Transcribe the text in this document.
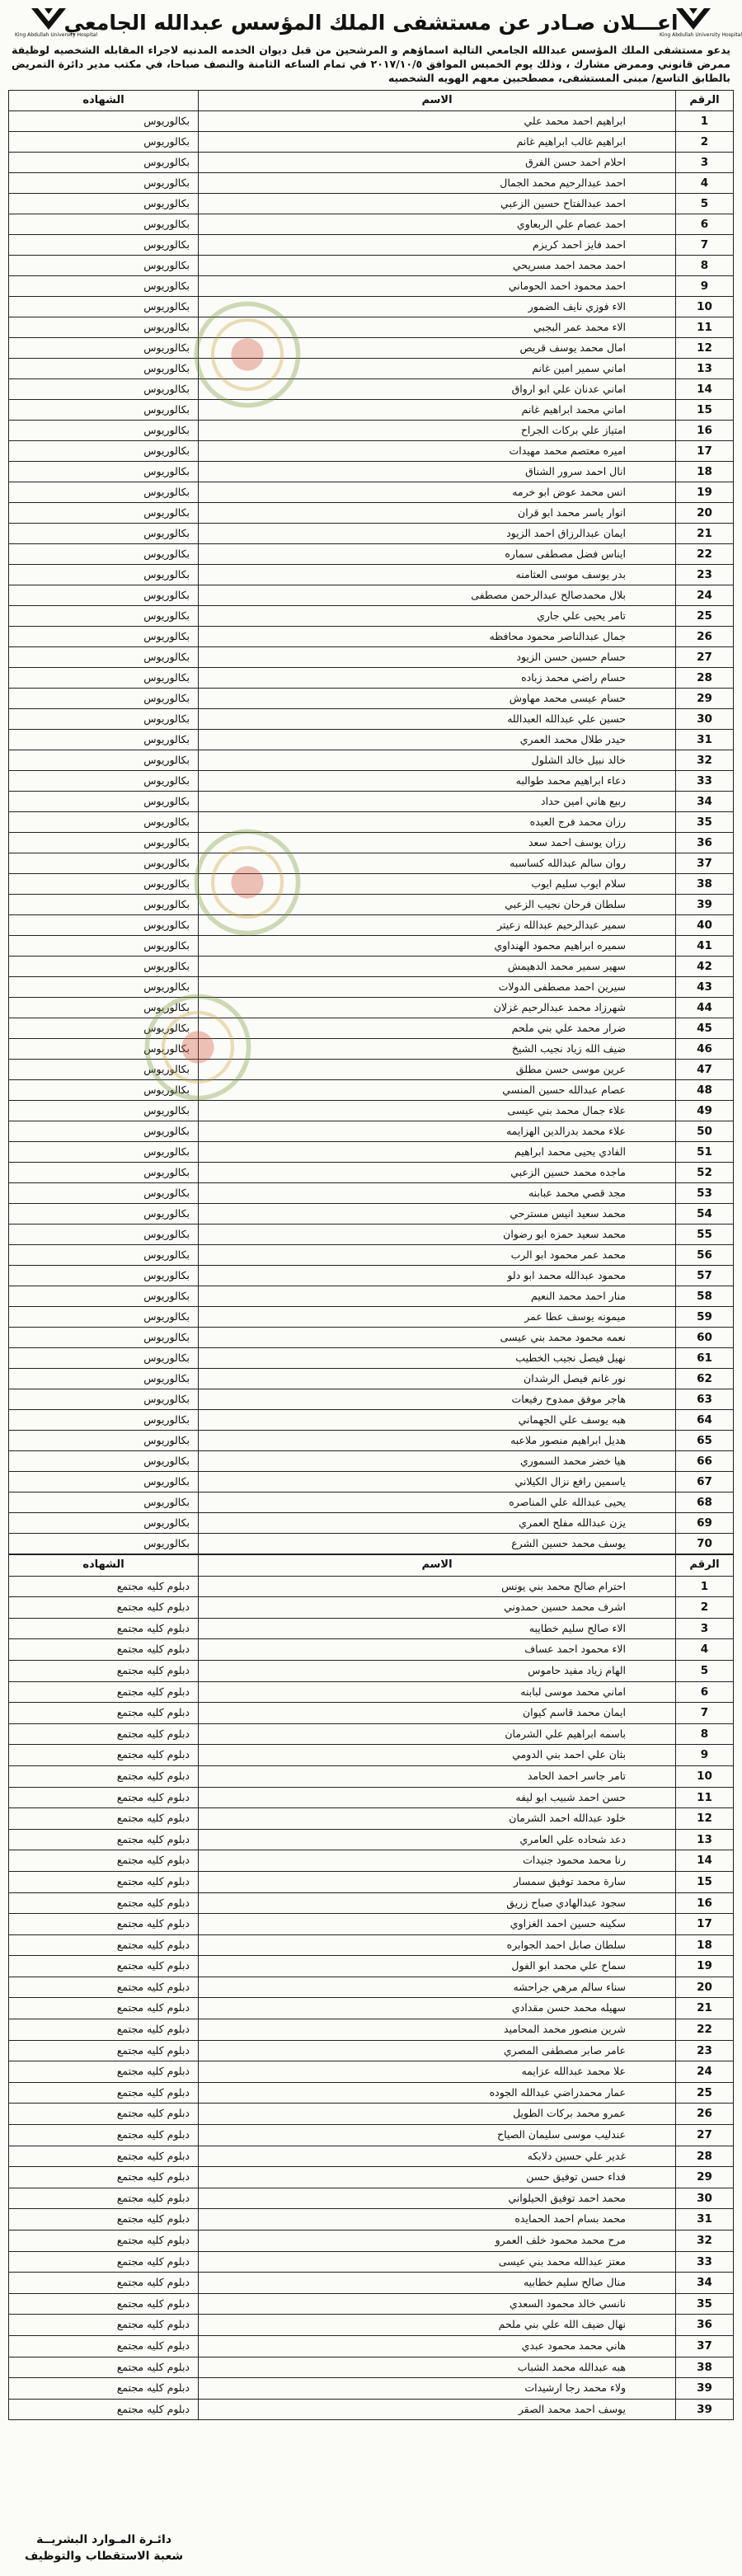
King Abdullah University Hospital
اعـــلان صـادر عن مستشفى الملك المؤسس عبدالله الجامعي
King Abdullah University Hospital
يدعو مستشفى الملك المؤسس عبدالله الجامعي التالية اسماؤهم و المرشحين من قبل ديوان الخدمه المدنيه لاجراء المقابله الشخصيه لوظيفة ممرض قانوني وممرض مشارك ، وذلك يوم الخميس الموافق ٢٠١٧/١٠/٥ في تمام الساعه الثامنة والنصف صباحا، في مكتب مدير دائرة التمريض بالطابق التاسع/ مبنى المستشفى، مصطحبين معهم الهويه الشخصيه
الرقم	الاسم	الشهاده
1	ابراهيم احمد محمد علي	بكالوريوس
2	ابراهيم غالب ابراهيم غانم	بكالوريوس
3	احلام احمد حسن الفرق	بكالوريوس
4	احمد عبدالرحيم محمد الجمال	بكالوريوس
5	احمد عبدالفتاح حسين الزعبي	بكالوريوس
6	احمد عصام علي الربعاوي	بكالوريوس
7	احمد فايز احمد كريزم	بكالوريوس
8	احمد محمد احمد مسريحي	بكالوريوس
9	احمد محمود احمد الحوماني	بكالوريوس
10	الاء فوزي نايف الضمور	بكالوريوس
11	الاء محمد عمر البجبي	بكالوريوس
12	امال محمد يوسف قريص	بكالوريوس
13	اماني سمير امين غانم	بكالوريوس
14	اماني عدنان علي ابو ارواق	بكالوريوس
15	اماني محمد ابراهيم غانم	بكالوريوس
16	امتياز علي بركات الجراح	بكالوريوس
17	اميره معتصم محمد مهيدات	بكالوريوس
18	انال احمد سرور الشناق	بكالوريوس
19	انس محمد عوض ابو خرمه	بكالوريوس
20	انوار ياسر محمد ابو قران	بكالوريوس
21	ايمان عبدالرزاق احمد الزيود	بكالوريوس
22	ايناس فضل مصطفى سماره	بكالوريوس
23	بدر يوسف موسى العثامنه	بكالوريوس
24	بلال محمدصالح عبدالرحمن مصطفى	بكالوريوس
25	تامر يحيى علي جاري	بكالوريوس
26	جمال عبدالناصر محمود محافظه	بكالوريوس
27	حسام حسين حسن الزيود	بكالوريوس
28	حسام راضي محمد زباده	بكالوريوس
29	حسام عيسى محمد مهاوش	بكالوريوس
30	حسين علي عبدالله العبدالله	بكالوريوس
31	حيدر طلال محمد العمري	بكالوريوس
32	خالد نبيل خالد الشلول	بكالوريوس
33	دعاء ابراهيم محمد طوالبه	بكالوريوس
34	ربيع هاني امين حداد	بكالوريوس
35	رزان محمد فرج العبده	بكالوريوس
36	رزان يوسف احمد سعد	بكالوريوس
37	روان سالم عبدالله كساسبه	بكالوريوس
38	سلام ايوب سليم ايوب	بكالوريوس
39	سلطان فرحان نجيب الزعبي	بكالوريوس
40	سمير عبدالرحيم عبدالله زعيتر	بكالوريوس
41	سميره ابراهيم محمود الهنداوي	بكالوريوس
42	سهير سمير محمد الدهيمش	بكالوريوس
43	سيرين احمد مصطفى الدولات	بكالوريوس
44	شهرزاد محمد عبدالرحيم غزلان	بكالوريوس
45	ضرار محمد علي بني ملحم	بكالوريوس
46	ضيف الله زياد نجيب الشيخ	بكالوريوس
47	عرين موسى حسن مطلق	بكالوريوس
48	عصام عبدالله حسين المنسي	بكالوريوس
49	علاء جمال محمد بني عيسى	بكالوريوس
50	علاء محمد بدرالدين الهزايمه	بكالوريوس
51	الفادي يحيى محمد ابراهيم	بكالوريوس
52	ماجده محمد حسين الزعبي	بكالوريوس
53	مجد قصي محمد عبابنه	بكالوريوس
54	محمد سعيد انيس مسترحي	بكالوريوس
55	محمد سعيد حمزه ابو رضوان	بكالوريوس
56	محمد عمر محمود ابو الرب	بكالوريوس
57	محمود عبدالله محمد ابو دلو	بكالوريوس
58	منار احمد محمد النعيم	بكالوريوس
59	ميمونه يوسف عطا عمر	بكالوريوس
60	نعمه محمود محمد بني عيسى	بكالوريوس
61	نهيل فيصل نجيب الخطيب	بكالوريوس
62	نور غانم فيصل الرشدان	بكالوريوس
63	هاجر موفق ممدوح رفيعات	بكالوريوس
64	هبه يوسف علي الجهماني	بكالوريوس
65	هديل ابراهيم منصور ملاعبه	بكالوريوس
66	هيا خضر محمد السموري	بكالوريوس
67	ياسمين رافع نزال الكيلاني	بكالوريوس
68	يحيى عبدالله علي المناصره	بكالوريوس
69	يزن عبدالله مفلح العمري	بكالوريوس
70	يوسف محمد حسين الشرع	بكالوريوس
الرقم	الاسم	الشهاده
1	احترام صالح محمد بني يونس	دبلوم كليه مجتمع
2	اشرف محمد حسين حمدوني	دبلوم كليه مجتمع
3	الاء صالح سليم خطايبه	دبلوم كليه مجتمع
4	الاء محمود احمد عساف	دبلوم كليه مجتمع
5	الهام زياد مفيد حاموس	دبلوم كليه مجتمع
6	اماني محمد موسى لبابنه	دبلوم كليه مجتمع
7	ايمان محمد قاسم كيوان	دبلوم كليه مجتمع
8	باسمه ابراهيم علي الشرمان	دبلوم كليه مجتمع
9	بثان علي احمد بني الدومي	دبلوم كليه مجتمع
10	تامر جاسر احمد الحامد	دبلوم كليه مجتمع
11	حسن احمد شبيب ابو ليفه	دبلوم كليه مجتمع
12	خلود عبدالله احمد الشرمان	دبلوم كليه مجتمع
13	دعد شحاده علي العامري	دبلوم كليه مجتمع
14	رنا محمد محمود جنيدات	دبلوم كليه مجتمع
15	سارة محمد توفيق سمسار	دبلوم كليه مجتمع
16	سجود عبدالهادي صباح زريق	دبلوم كليه مجتمع
17	سكينه حسين احمد الغزاوي	دبلوم كليه مجتمع
18	سلطان صابل احمد الجوابره	دبلوم كليه مجتمع
19	سماح علي محمد ابو الفول	دبلوم كليه مجتمع
20	سناء سالم مرهي جراحشه	دبلوم كليه مجتمع
21	سهيله محمد حسن مقدادي	دبلوم كليه مجتمع
22	شرين منصور محمد المحاميد	دبلوم كليه مجتمع
23	عامر صابر مصطفى المصري	دبلوم كليه مجتمع
24	علا محمد عبدالله عزايمه	دبلوم كليه مجتمع
25	عمار محمدراضي عبدالله الجوده	دبلوم كليه مجتمع
26	عمرو محمد بركات الطويل	دبلوم كليه مجتمع
27	عندليب موسى سليمان الصياح	دبلوم كليه مجتمع
28	غدير علي حسين دلابكه	دبلوم كليه مجتمع
29	فداء حسن توفيق حسن	دبلوم كليه مجتمع
30	محمد احمد توفيق الحيلواني	دبلوم كليه مجتمع
31	محمد بسام احمد الحمايده	دبلوم كليه مجتمع
32	مرح محمد محمود خلف العمرو	دبلوم كليه مجتمع
33	معتز عبدالله محمد بني عيسى	دبلوم كليه مجتمع
34	منال صالح سليم خطابيه	دبلوم كليه مجتمع
35	نانسي خالد محمود السعدي	دبلوم كليه مجتمع
36	نهال ضيف الله علي بني ملحم	دبلوم كليه مجتمع
37	هاني محمد محمود عبدي	دبلوم كليه مجتمع
38	هبه عبدالله محمد الشباب	دبلوم كليه مجتمع
39	ولاء محمد رجا ارشيدات	دبلوم كليه مجتمع
39	يوسف احمد محمد الصقر	دبلوم كليه مجتمع
دائـرة المـوارد البشريــة
شعبة الاستقطاب والتوظيف
